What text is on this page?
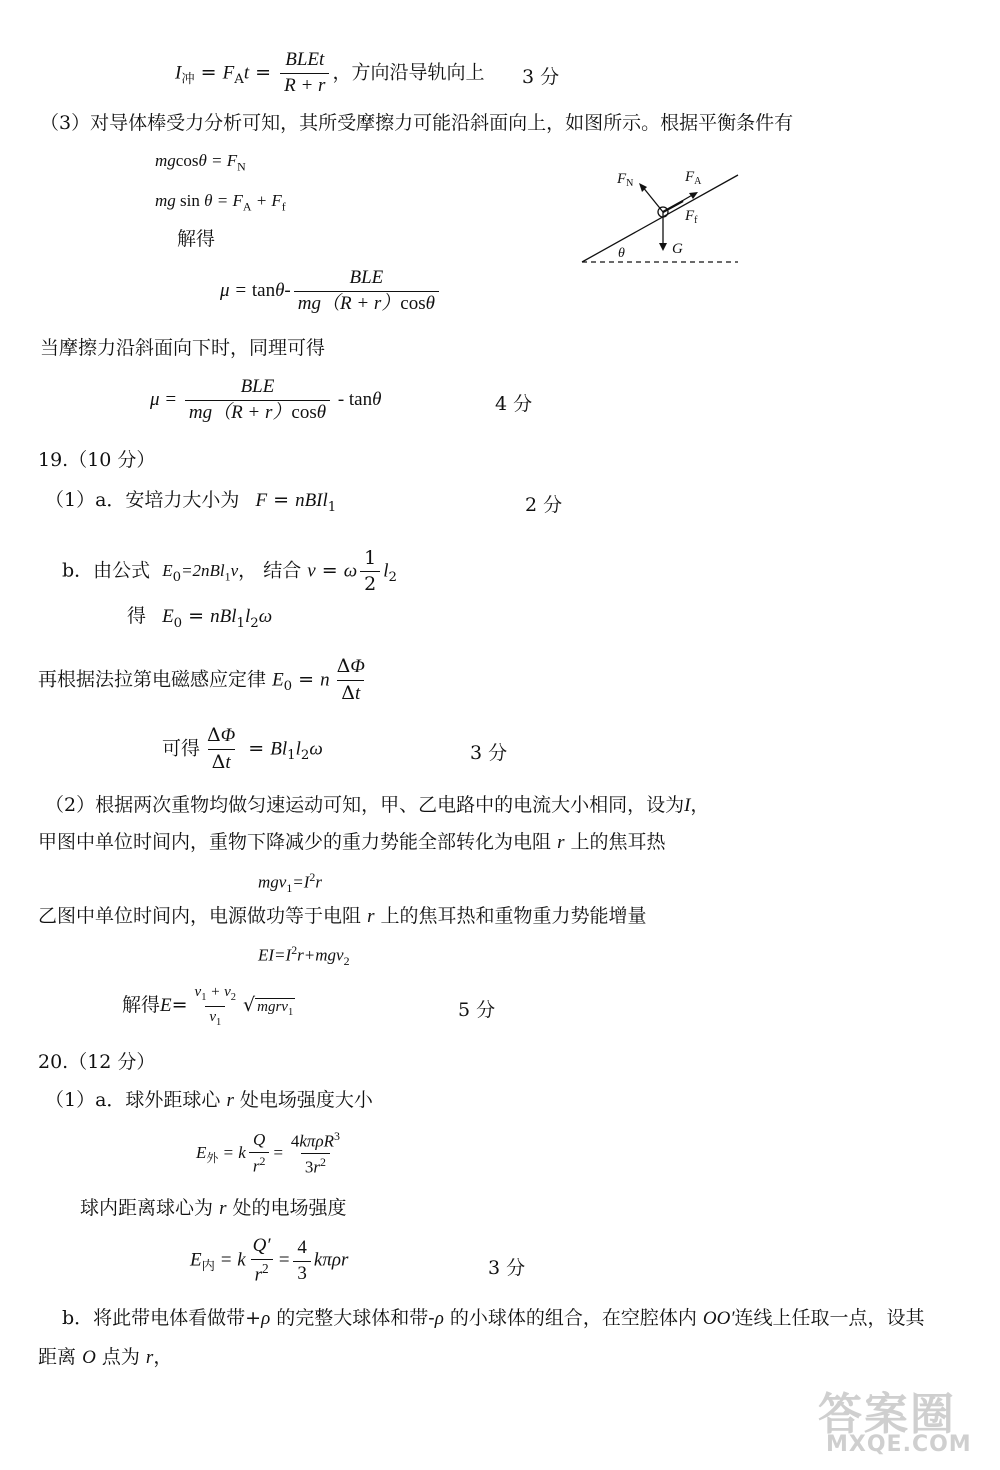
$I_冲 = F_At = \frac{\text{BLEt}}{R + r}$ ，方向沿导轨向上 3 分
（3）对导体棒受力分析可知，其所受摩擦力可能沿斜面向上，如图所示。根据平衡条件有
$mgcos\theta = F_N$
mg $\sin \theta = F_A + F_f$
解得
$\mu = \tan\theta- \frac{\text{BLE}}{mg(R + r)\cos\theta}$
当摩擦力沿斜面向下时，同理可得
$\mu = \frac{\text{BLE}}{mg(R + r)\cos\theta} - \tan\theta$	4 分
$F_N$	$F_A$
$F_f$
G
θ
19.（10 分）
（1）a．安培力大小为 F = nBIl$_1$	2 分
b．由公式 $E_0=2nBl_1v$， 结合 v = ω $\frac{1}{2} l_2$
得 $E_0 = nBl_1l_2\omega$
再根据法拉第电磁感应定律 $E_0 = n \frac{\Delta\Phi}{\Delta t}$
可得 $\frac{\Delta\Phi}{\Delta t} = Bl_1l_2\omega$	3 分
（2）根据两次重物均做匀速运动可知，甲、乙电路中的电流大小相同，设为I，
甲图中单位时间内，重物下降减少的重力势能全部转化为电阻 r 上的焦耳热
$mgv_1=I^2r$
乙图中单位时间内，电源做功等于电阻 r 上的焦耳热和重物重力势能增量
$EI=I^2r+mgv_2$
解得$E= \frac{v_1 + v_2}{v_1}$ √ mgrv$_1$	5 分
20.（12 分）
（1）a．球外距球心 r 处电场强度大小
$E_外 = k \frac{Q}{r^2} = \frac{4k\pi\rho R^3}{3r^2}$
球内距离球心为 r 处的电场强度
$E_内 = k \frac{Q'}{r^2} = \frac{4}{3}$ kπρr	3 分
b．将此带电体看做带+ρ 的完整大球体和带-ρ 的小球体的组合，在空腔体内 OO′连线上任取一点，设其
距离 O 点为 r，
答案圈
MXQE.COM
